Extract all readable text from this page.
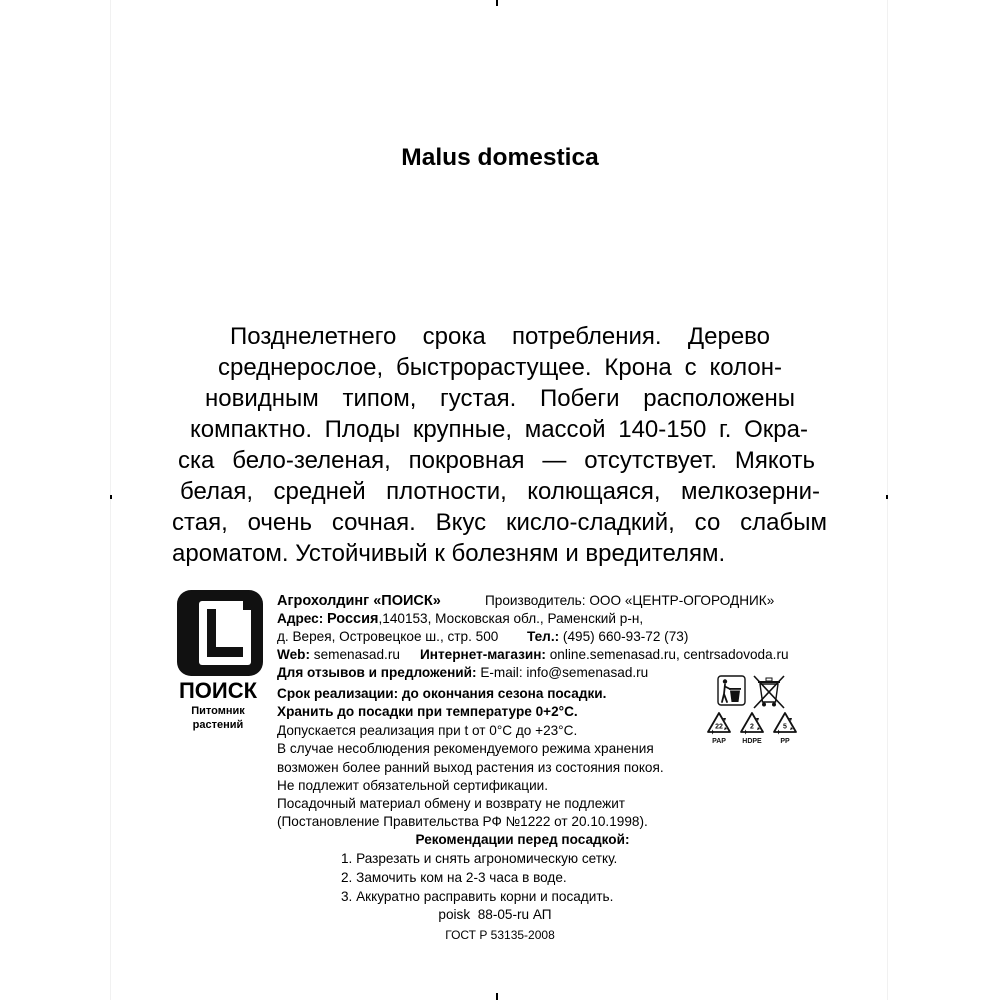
Malus domestica
Позднелетнего срока потребления. Дерево
среднерослое, быстрорастущее. Крона с колон-
новидным типом, густая. Побеги расположены
компактно. Плоды крупные, массой 140-150 г. Окра-
ска бело-зеленая, покровная — отсутствует. Мякоть
белая, средней плотности, колющаяся, мелкозерни-
стая, очень сочная. Вкус кисло-сладкий, со слабым
ароматом. Устойчивый к болезням и вредителям.
ПОИСК
Питомник
растений
Агрохолдинг «ПОИСК»	Производитель: ООО «ЦЕНТР-ОГОРОДНИК»
Адрес: Россия,140153, Московская обл., Раменский р-н,
д. Верея, Островецкое ш., стр. 500 Тел.: (495) 660-93-72 (73)
Web: semenasad.ru Интернет-магазин: online.semenasad.ru, centrsadovoda.ru
Для отзывов и предложений: E-mail: info@semenasad.ru
Срок реализации: до окончания сезона посадки.
Хранить до посадки при температуре 0+2°С.
Допускается реализация при t от 0°С до +23°С.
В случае несоблюдения рекомендуемого режима хранения
возможен более ранний выход растения из состояния покоя.
Не подлежит обязательной сертификации.
Посадочный материал обмену и возврату не подлежит
(Постановление Правительства РФ №1222 от 20.10.1998).
Рекомендации перед посадкой:
1. Разрезать и снять агрономическую сетку.
2. Замочить ком на 2-3 часа в воде.
3. Аккуратно расправить корни и посадить.
poisk  88-05-ru АП
ГОСТ Р 53135-2008
22
PAP
2
HDPE
5
PP
